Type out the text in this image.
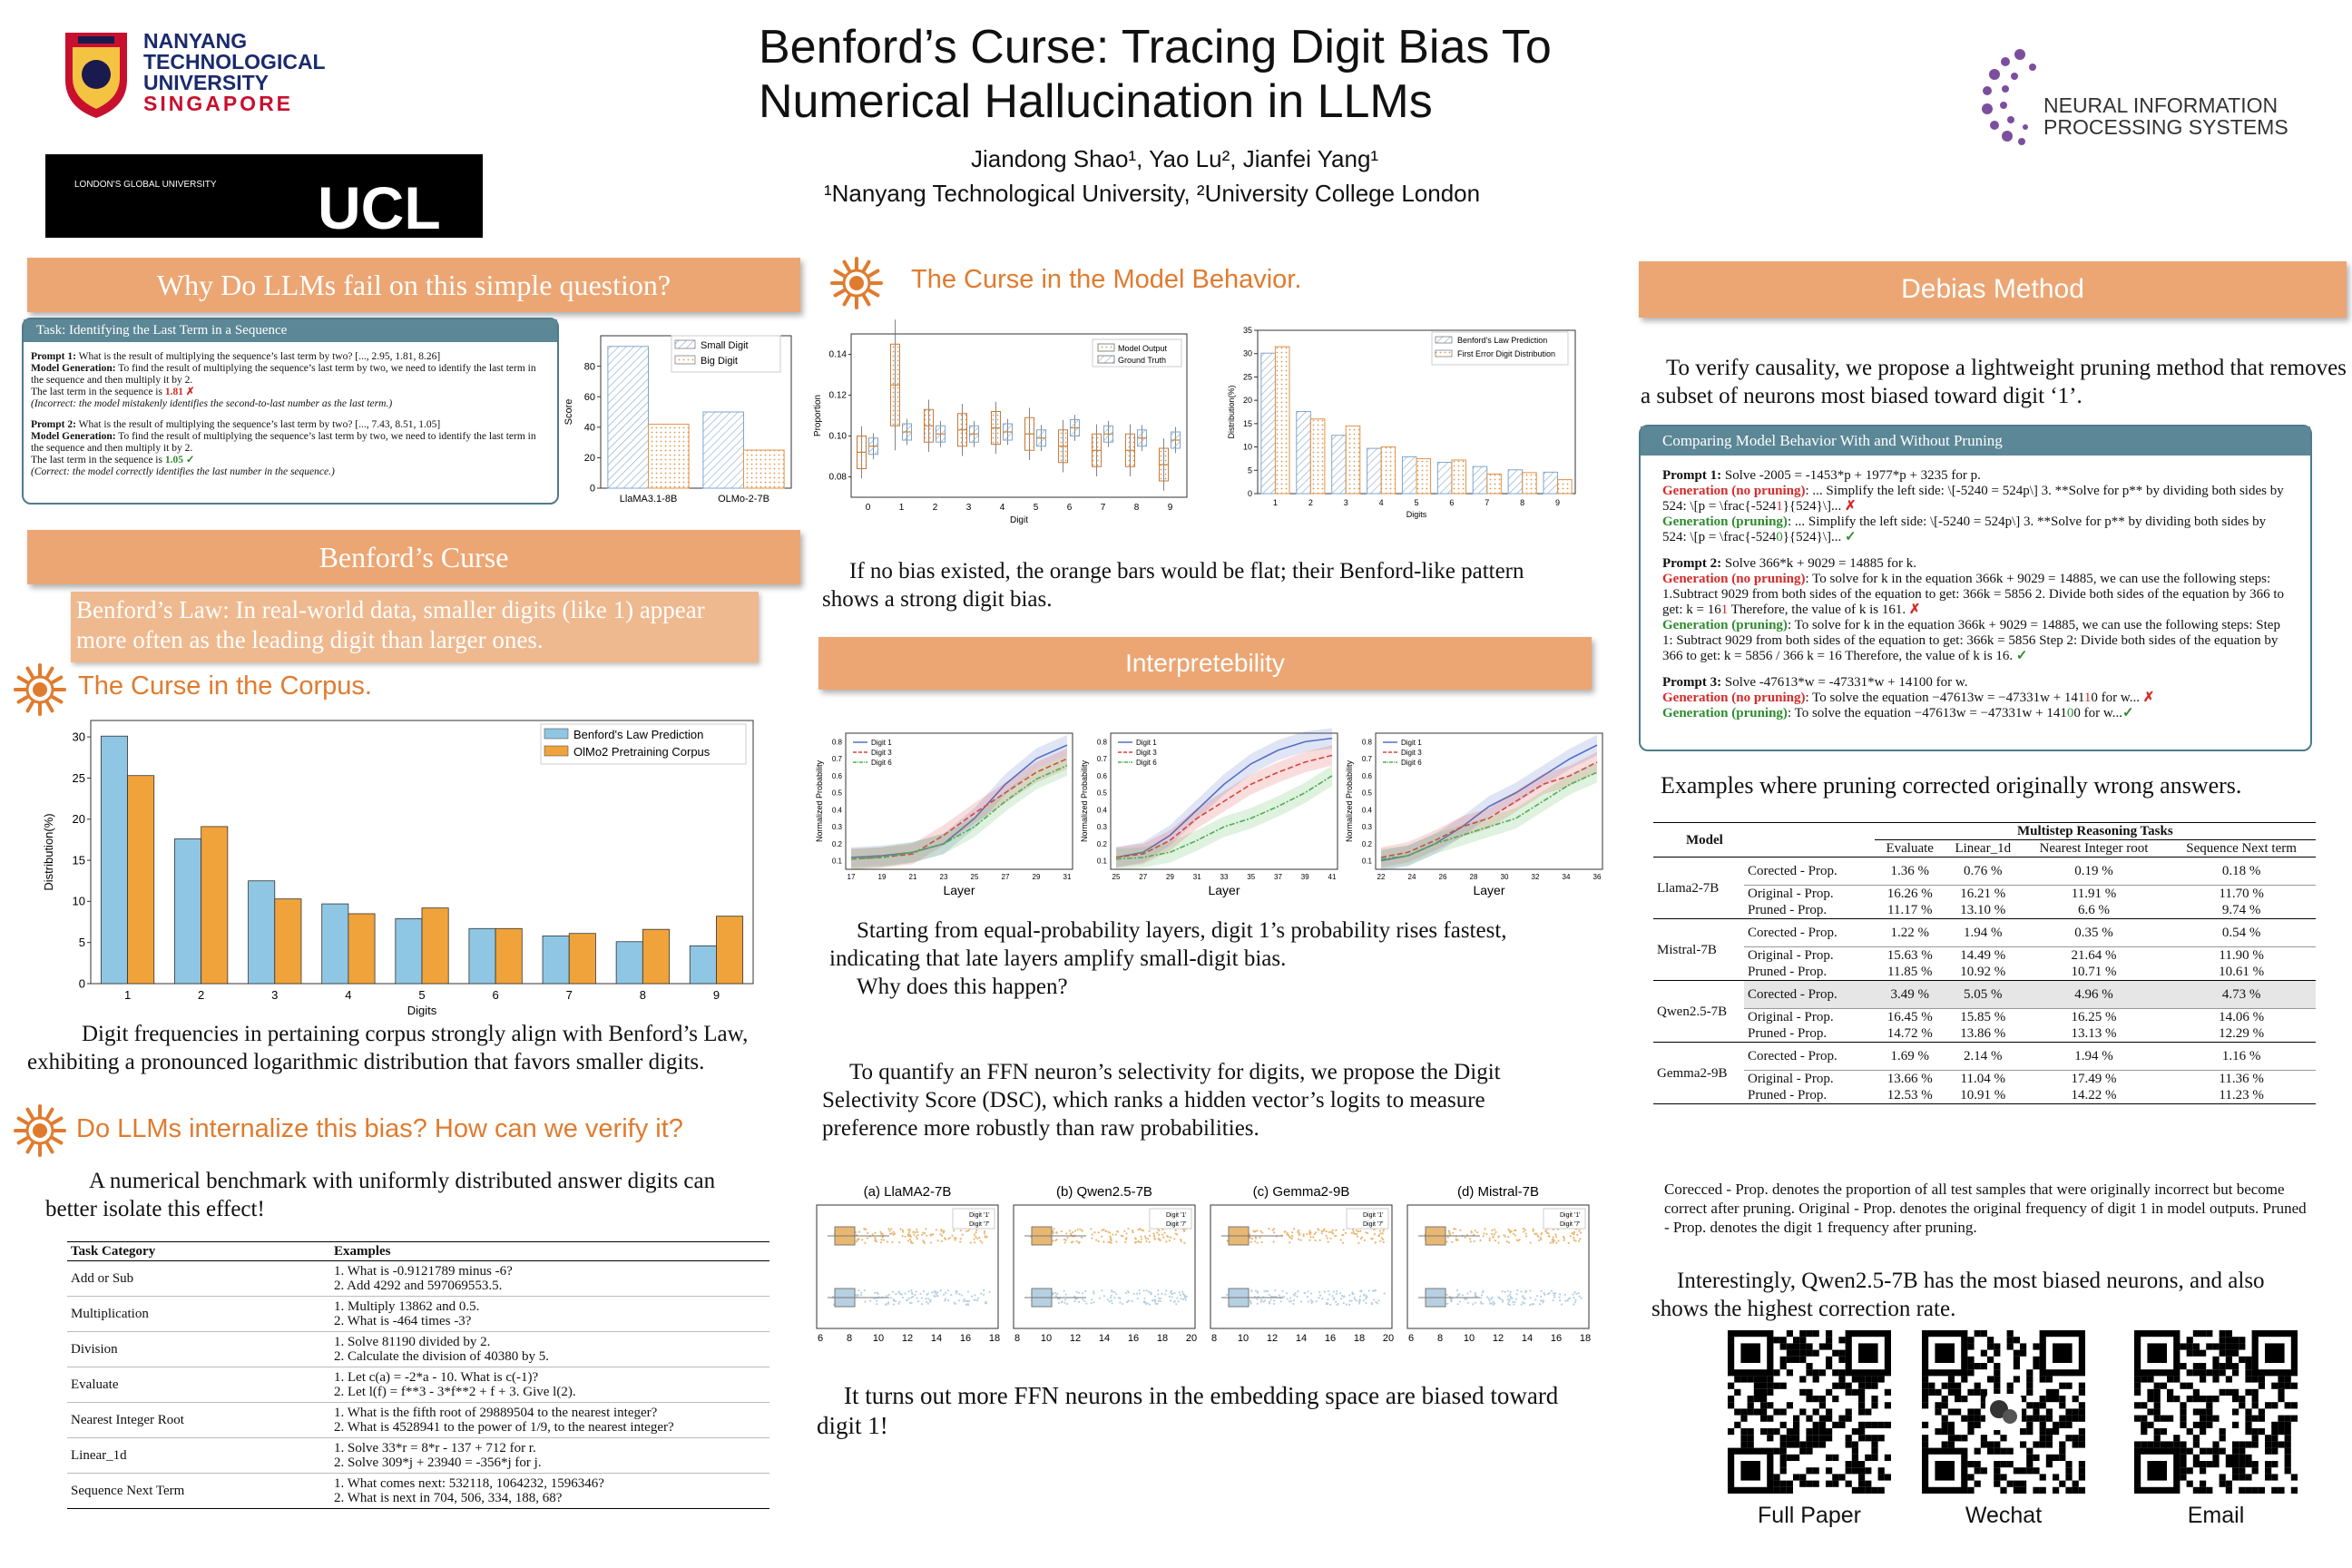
NANYANG
TECHNOLOGICAL
UNIVERSITY
SINGAPORE
LONDON'S GLOBAL UNIVERSITY UCL
Benford’s Curse: Tracing Digit Bias To
Numerical Hallucination in LLMs
Jiandong Shao¹, Yao Lu², Jianfei Yang¹
¹Nanyang Technological University, ²University College London
NEURAL INFORMATION
PROCESSING SYSTEMS
Why Do LLMs fail on this simple question?
Task: Identifying the Last Term in a Sequence
Prompt 1: What is the result of multiplying the sequence’s last term by two? [..., 2.95, 1.81, 8.26]
Model Generation: To find the result of multiplying the sequence’s last term by two, we need to identify the last term in the sequence and then multiply it by 2.
The last term in the sequence is 1.81 ✗
(Incorrect: the model mistakenly identifies the second-to-last number as the last term.)
Prompt 2: What is the result of multiplying the sequence’s last term by two? [..., 7.43, 8.51, 1.05]
Model Generation: To find the result of multiplying the sequence’s last term by two, we need to identify the last term in the sequence and then multiply it by 2.
The last term in the sequence is 1.05 ✓
(Correct: the model correctly identifies the last number in the sequence.)
0
20
40
60
80
LlaMA3.1-8B	OLMo-2-7B
Score
Small Digit
Big Digit
Benford’s Curse
Benford’s Law: In real-world data, smaller digits (like 1) appear more often as the leading digit than larger ones.
The Curse in the Corpus.
0
5
10
15
20
25
30
1	2	3	4	5	6	7	8	9
Distribution(%)
Digits
Benford's Law Prediction
OlMo2 Pretraining Corpus
Digit frequencies in pertaining corpus strongly align with Benford’s Law, exhibiting a pronounced logarithmic distribution that favors smaller digits.
Do LLMs internalize this bias? How can we verify it?
A numerical benchmark with uniformly distributed answer digits can better isolate this effect!
Task Category	Examples
Add or Sub	1. What is -0.9121789 minus -6?
2. Add 4292 and 597069553.5.

Multiplication	1. Multiply 13862 and 0.5.
2. What is -464 times -3?

Division	1. Solve 81190 divided by 2.
2. Calculate the division of 40380 by 5.

Evaluate	1. Let c(a) = -2*a - 10. What is c(-1)?
2. Let l(f) = f**3 - 3*f**2 + f + 3. Give l(2).

Nearest Integer Root	1. What is the fifth root of 29889504 to the nearest integer?
2. What is 4528941 to the power of 1/9, to the nearest integer?

Linear_1d	1. Solve 33*r = 8*r - 137 + 712 for r.
2. Solve 309*j + 23940 = -356*j for j.

Sequence Next Term	1. What comes next: 532118, 1064232, 1596346?
2. What is next in 704, 506, 334, 188, 68?
The Curse in the Model Behavior.
0.08
0.10
0.12
0.14
0	1	2	3	4	5	6	7	8	9
Proportion
Digit
Model Output
Ground Truth
0
5
10
15
20
25
30
35
1	2	3	4	5	6	7	8	9
Distribution(%)
Digits
Benford's Law Prediction
First Error Digit Distribution
If no bias existed, the orange bars would be flat; their Benford-like pattern shows a strong digit bias.
Interpretebility
0.1
0.2
0.3
0.4
0.5
0.6
0.7
0.8
17	19	21	23	25	27	29	31
Digit 1
Digit 3
Digit 6
Normalized Probability
Layer
0.1
0.2
0.3
0.4
0.5
0.6
0.7
0.8
25	27	29	31	33	35	37	39	41
Digit 1
Digit 3
Digit 6
Normalized Probability
Layer
0.1
0.2
0.3
0.4
0.5
0.6
0.7
0.8
22	24	26	28	30	32	34	36
Digit 1
Digit 3
Digit 6
Normalized Probability
Layer
Starting from equal-probability layers, digit 1’s probability rises fastest, indicating that late layers amplify small-digit bias.
Why does this happen?
To quantify an FFN neuron’s selectivity for digits, we propose the Digit Selectivity Score (DSC), which ranks a hidden vector’s logits to measure preference more robustly than raw probabilities.
(a) LlaMA2-7B
Digit '1'
Digit '7'
6 8 10 12 14 16 18
(b) Qwen2.5-7B
Digit '1'
Digit '7'
8 10 12 14 16 18 20
(c) Gemma2-9B
Digit '1'
Digit '7'
8 10 12 14 16 18 20
(d) Mistral-7B
Digit '1'
Digit '7'
6 8 10 12 14 16 18
It turns out more FFN neurons in the embedding space are biased toward digit 1!
Debias Method
To verify causality, we propose a lightweight pruning method that removes a subset of neurons most biased toward digit ‘1’.
Comparing Model Behavior With and Without Pruning
Prompt 1: Solve -2005 = -1453*p + 1977*p + 3235 for p.
Generation (no pruning): ... Simplify the left side: \[-5240 = 524p\] 3. **Solve for p** by dividing both sides by 524: \[p = \frac{-5241}{524}\]... ✗
Generation (pruning): ... Simplify the left side: \[-5240 = 524p\] 3. **Solve for p** by dividing both sides by 524: \[p = \frac{-5240}{524}\]... ✓
Prompt 2: Solve 366*k + 9029 = 14885 for k.
Generation (no pruning): To solve for k in the equation 366k + 9029 = 14885, we can use the following steps: 1.Subtract 9029 from both sides of the equation to get: 366k = 5856 2. Divide both sides of the equation by 366 to get: k = 161 Therefore, the value of k is 161. ✗
Generation (pruning): To solve for k in the equation 366k + 9029 = 14885, we can use the following steps: Step 1: Subtract 9029 from both sides of the equation to get: 366k = 5856 Step 2: Divide both sides of the equation by 366 to get: k = 5856 / 366 k = 16 Therefore, the value of k is 16. ✓
Prompt 3: Solve -47613*w = -47331*w + 14100 for w.
Generation (no pruning): To solve the equation −47613w = −47331w + 14110 for w... ✗
Generation (pruning): To solve the equation −47613w = −47331w + 14100 for w...✓
Examples where pruning corrected originally wrong answers.
Model		Multistep Reasoning Tasks			
		Evaluate	Linear_1d	Nearest Integer root	Sequence Next term
Llama2-7B	Corected - Prop.	1.36 %	0.76 %	0.19 %	0.18 %
	Original - Prop.	16.26 %	16.21 %	11.91 %	11.70 %
	Pruned - Prop.	11.17 %	13.10 %	6.6 %	9.74 %
Mistral-7B	Corected - Prop.	1.22 %	1.94 %	0.35 %	0.54 %
	Original - Prop.	15.63 %	14.49 %	21.64 %	11.90 %
	Pruned - Prop.	11.85 %	10.92 %	10.71 %	10.61 %
Qwen2.5-7B	Corected - Prop.	3.49 %	5.05 %	4.96 %	4.73 %
	Original - Prop.	16.45 %	15.85 %	16.25 %	14.06 %
	Pruned - Prop.	14.72 %	13.86 %	13.13 %	12.29 %
Gemma2-9B	Corected - Prop.	1.69 %	2.14 %	1.94 %	1.16 %
	Original - Prop.	13.66 %	11.04 %	17.49 %	11.36 %
	Pruned - Prop.	12.53 %	10.91 %	14.22 %	11.23 %
Corecced - Prop. denotes the proportion of all test samples that were originally incorrect but become correct after pruning. Original - Prop. denotes the original frequency of digit 1 in model outputs. Pruned - Prop. denotes the digit 1 frequency after pruning.
Interestingly, Qwen2.5-7B has the most biased neurons, and also shows the highest correction rate.
Full Paper	Wechat	Email
